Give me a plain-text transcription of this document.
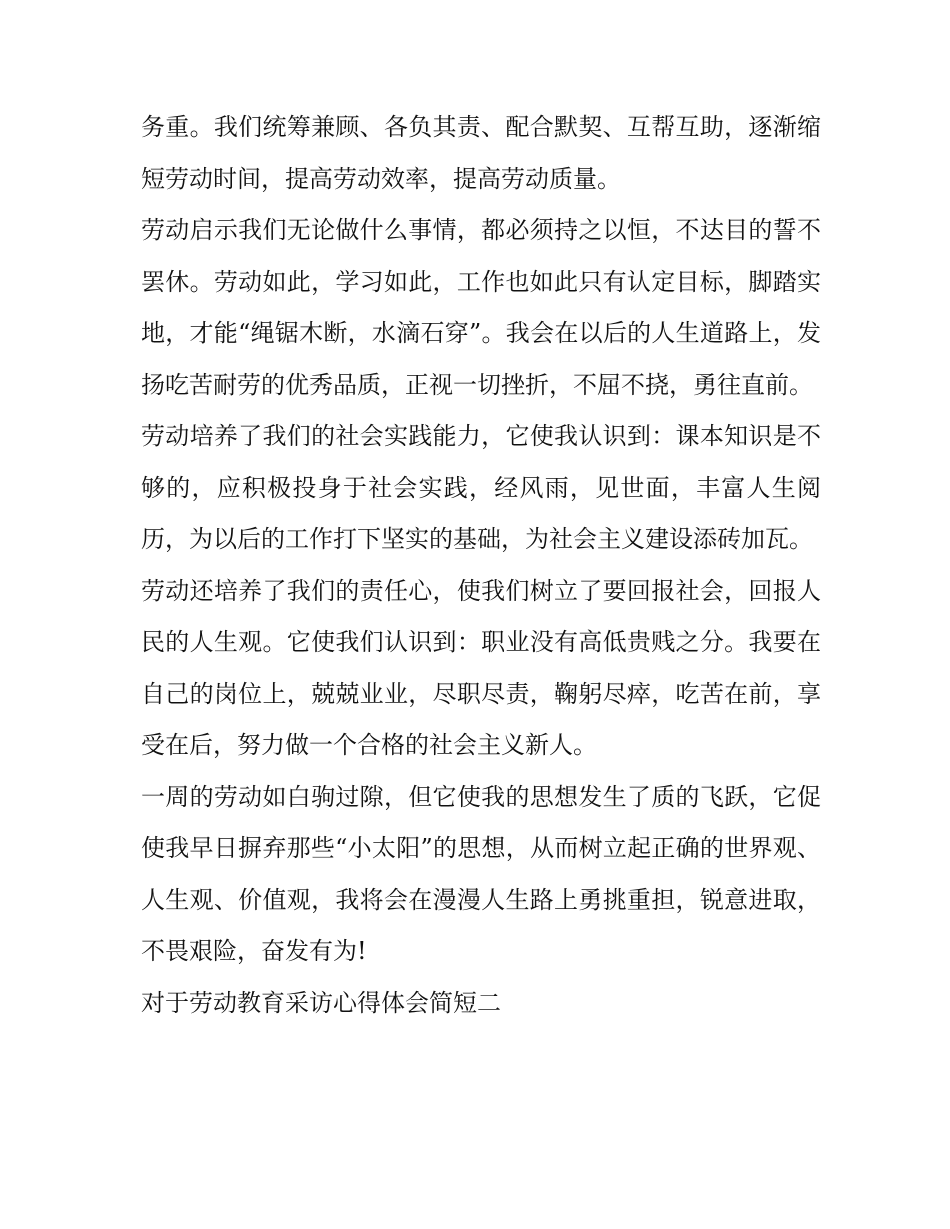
务重。我们统筹兼顾、各负其责、配合默契、互帮互助，逐渐缩短劳动时间，提高劳动效率，提高劳动质量。

劳动启示我们无论做什么事情，都必须持之以恒，不达目的誓不罢休。劳动如此，学习如此，工作也如此只有认定目标，脚踏实地，才能“绳锯木断，水滴石穿”。我会在以后的人生道路上，发扬吃苦耐劳的优秀品质，正视一切挫折，不屈不挠，勇往直前。

劳动培养了我们的社会实践能力，它使我认识到：课本知识是不够的，应积极投身于社会实践，经风雨，见世面，丰富人生阅历，为以后的工作打下坚实的基础，为社会主义建设添砖加瓦。

劳动还培养了我们的责任心，使我们树立了要回报社会，回报人民的人生观。它使我们认识到：职业没有高低贵贱之分。我要在自己的岗位上，兢兢业业，尽职尽责，鞠躬尽瘁，吃苦在前，享受在后，努力做一个合格的社会主义新人。

一周的劳动如白驹过隙，但它使我的思想发生了质的飞跃，它促使我早日摒弃那些“小太阳”的思想，从而树立起正确的世界观、人生观、价值观，我将会在漫漫人生路上勇挑重担，锐意进取，不畏艰险，奋发有为!

对于劳动教育采访心得体会简短二
